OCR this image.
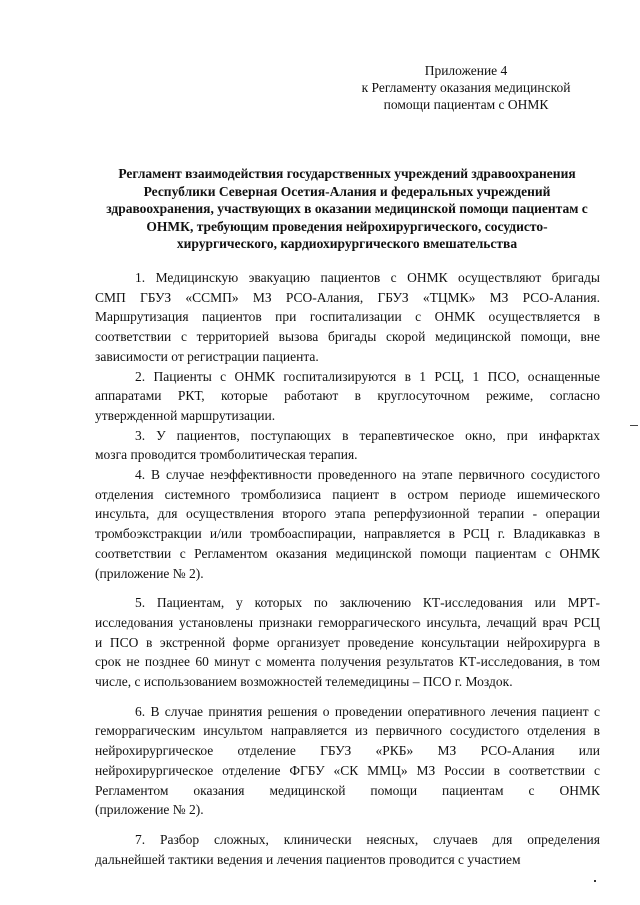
Приложение 4
к Регламенту оказания медицинской
помощи пациентам с ОНМК
Регламент взаимодействия государственных учреждений здравоохранения
Республики Северная Осетия-Алания и федеральных учреждений
здравоохранения, участвующих в оказании медицинской помощи пациентам с
ОНМК, требующим проведения нейрохирургического, сосудисто-
хирургического, кардиохирургического вмешательства
1. Медицинскую эвакуацию пациентов с ОНМК осуществляют бригады
СМП ГБУЗ «ССМП» МЗ РСО-Алания, ГБУЗ «ТЦМК» МЗ РСО-Алания.
Маршрутизация пациентов при госпитализации с ОНМК осуществляется в
соответствии с территорией вызова бригады скорой медицинской помощи, вне
зависимости от регистрации пациента.
2. Пациенты с ОНМК госпитализируются в 1 РСЦ, 1 ПСО, оснащенные
аппаратами РКТ, которые работают в круглосуточном режиме, согласно
утвержденной маршрутизации.
3. У пациентов, поступающих в терапевтическое окно, при инфарктах
мозга проводится тромболитическая терапия.
4. В случае неэффективности проведенного на этапе первичного сосудистого
отделения системного тромболизиса пациент в остром периоде ишемического
инсульта, для осуществления второго этапа реперфузионной терапии - операции
тромбоэкстракции и/или тромбоаспирации, направляется в РСЦ г. Владикавказ в
соответствии с Регламентом оказания медицинской помощи пациентам с ОНМК
(приложение № 2).
5. Пациентам, у которых по заключению КТ-исследования или МРТ-
исследования установлены признаки геморрагического инсульта, лечащий врач РСЦ
и ПСО в экстренной форме организует проведение консультации нейрохирурга в
срок не позднее 60 минут с момента получения результатов КТ-исследования, в том
числе, с использованием возможностей телемедицины – ПСО г. Моздок.
6. В случае принятия решения о проведении оперативного лечения пациент с
геморрагическим инсультом направляется из первичного сосудистого отделения в
нейрохирургическое отделение ГБУЗ «РКБ» МЗ РСО-Алания или
нейрохирургическое отделение ФГБУ «СК ММЦ» МЗ России в соответствии с
Регламентом оказания медицинской помощи пациентам с ОНМК
(приложение № 2).
7. Разбор сложных, клинически неясных, случаев для определения
дальнейшей тактики ведения и лечения пациентов проводится с участием
